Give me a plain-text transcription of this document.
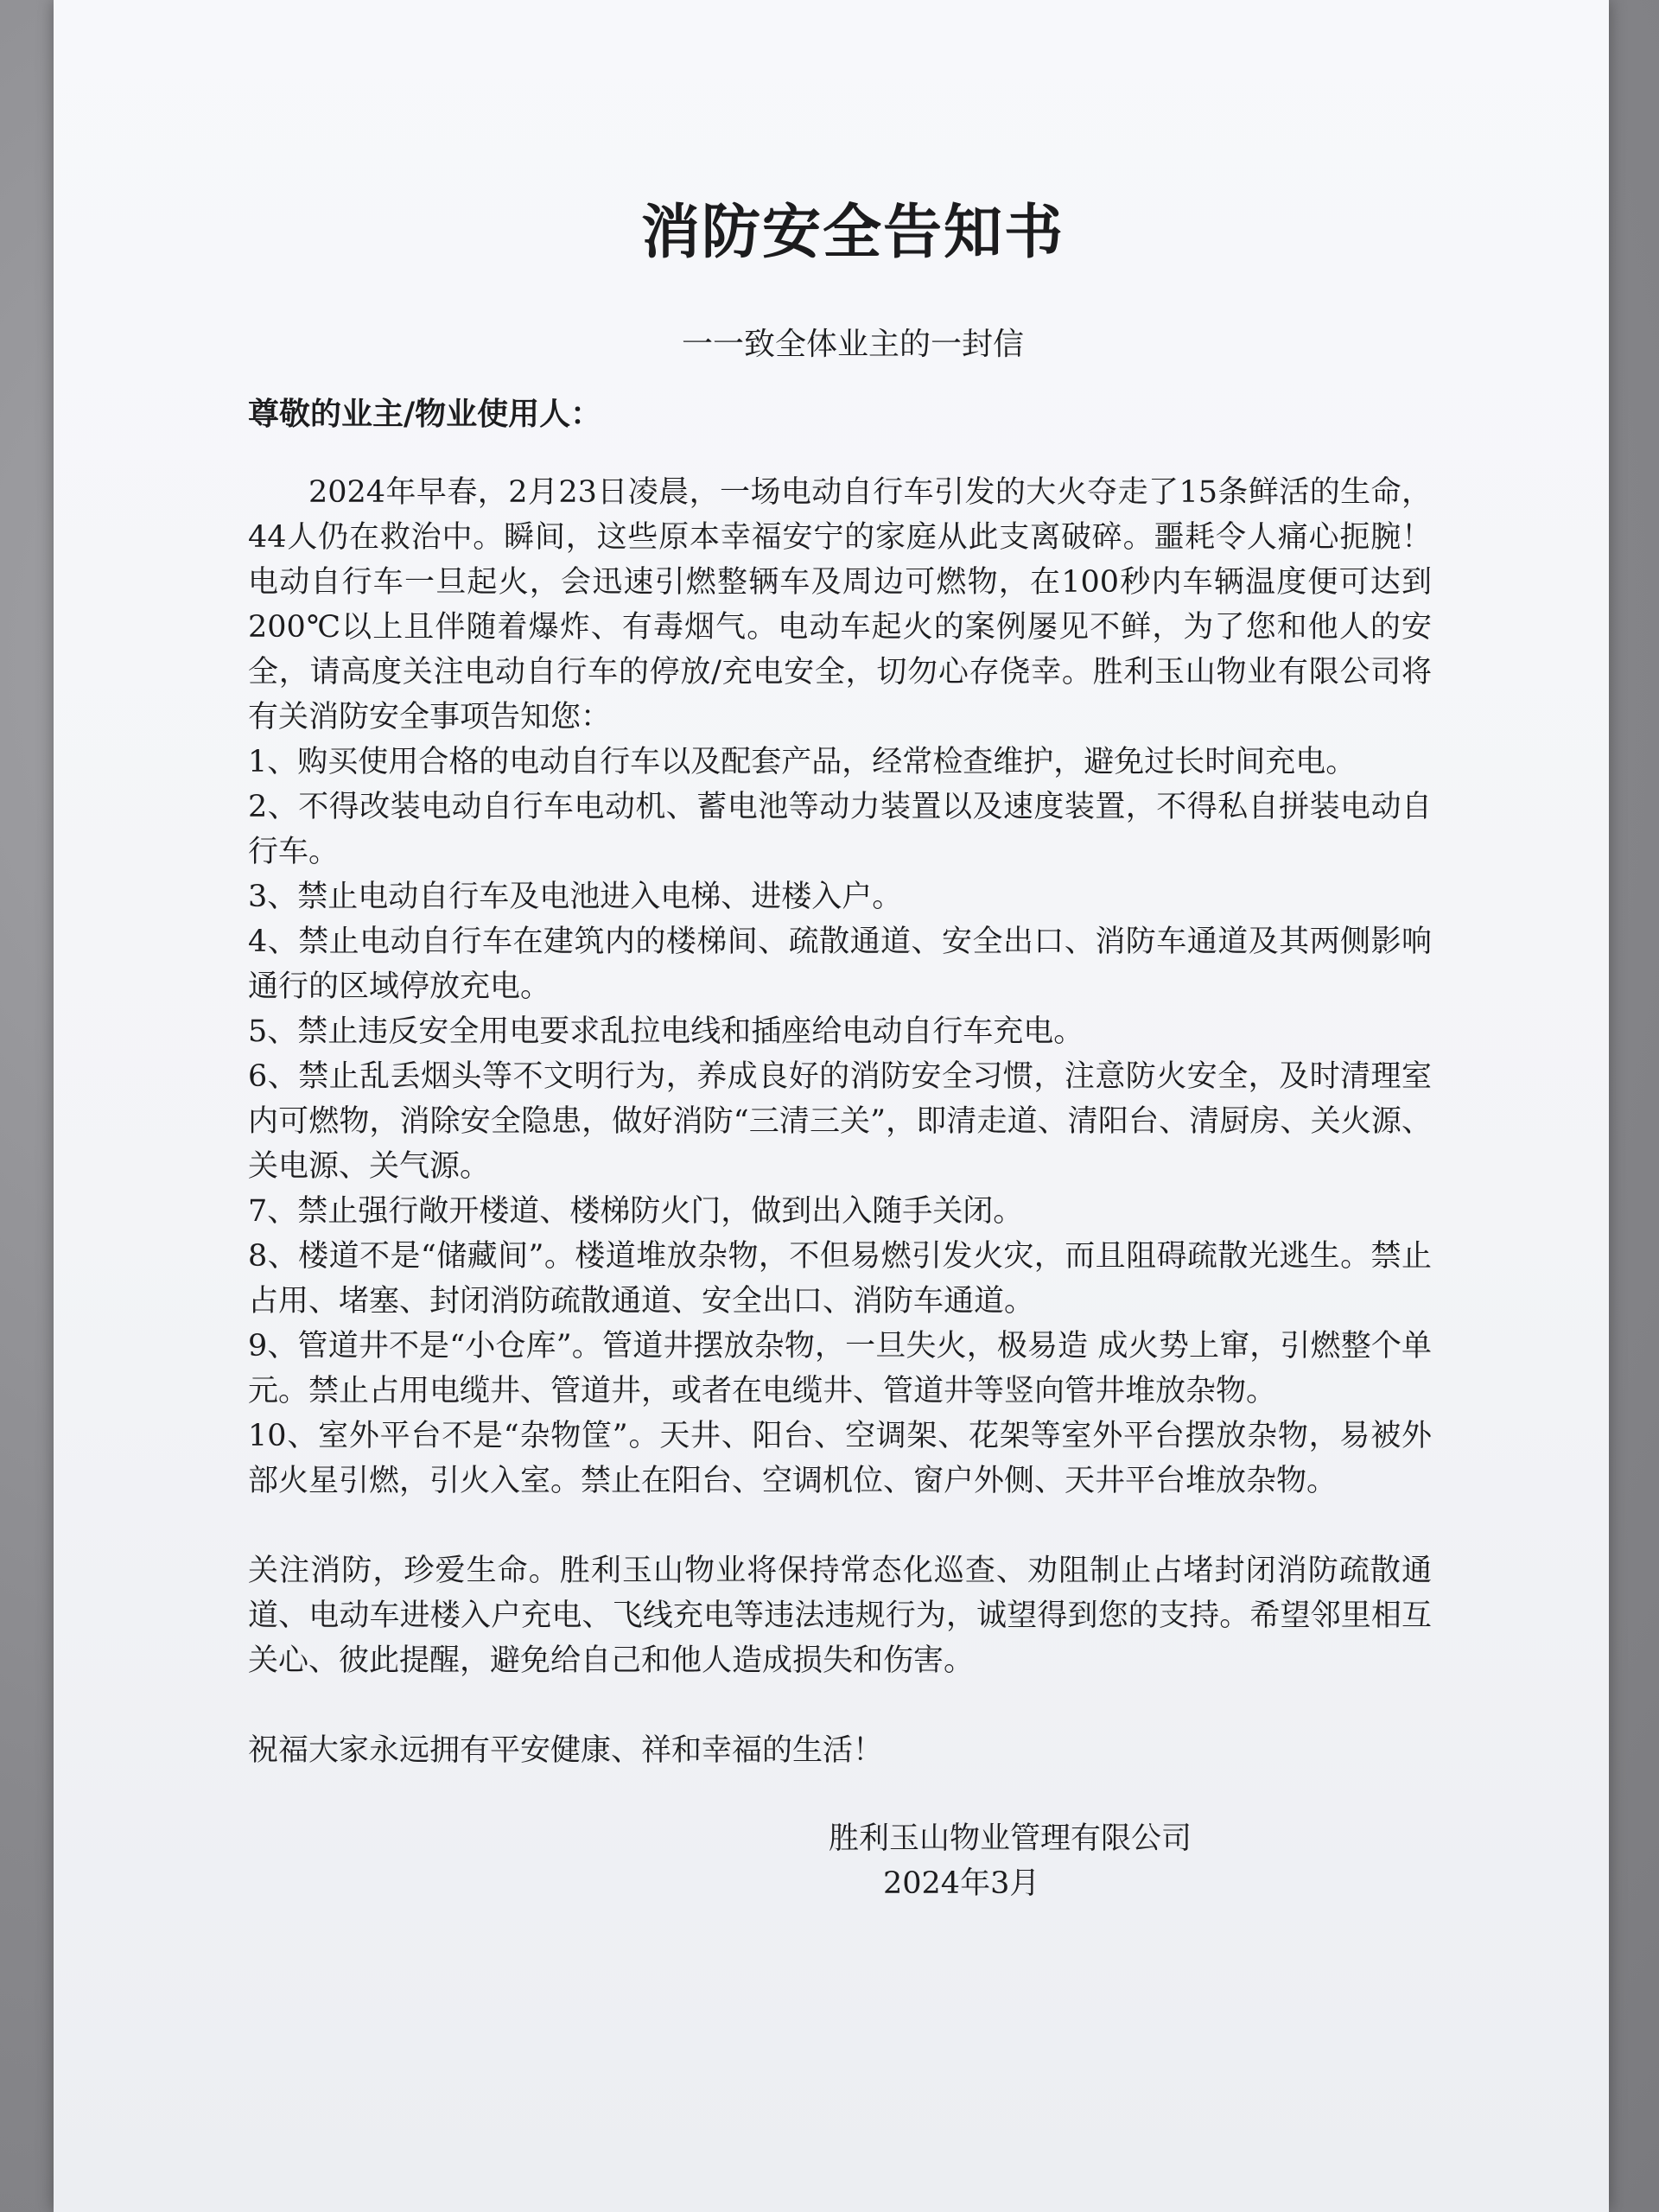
消防安全告知书

一一致全体业主的一封信

尊敬的业主/物业使用人：

2024年早春，2月23日凌晨，一场电动自行车引发的大火夺走了15条鲜活的生命，44人仍在救治中。瞬间，这些原本幸福安宁的家庭从此支离破碎。噩耗令人痛心扼腕！电动自行车一旦起火，会迅速引燃整辆车及周边可燃物，在100秒内车辆温度便可达到200℃以上且伴随着爆炸、有毒烟气。电动车起火的案例屡见不鲜，为了您和他人的安全，请高度关注电动自行车的停放/充电安全，切勿心存侥幸。胜利玉山物业有限公司将有关消防安全事项告知您：

1、购买使用合格的电动自行车以及配套产品，经常检查维护，避免过长时间充电。

2、不得改装电动自行车电动机、蓄电池等动力装置以及速度装置，不得私自拼装电动自行车。

3、禁止电动自行车及电池进入电梯、进楼入户。

4、禁止电动自行车在建筑内的楼梯间、疏散通道、安全出口、消防车通道及其两侧影响通行的区域停放充电。

5、禁止违反安全用电要求乱拉电线和插座给电动自行车充电。

6、禁止乱丢烟头等不文明行为，养成良好的消防安全习惯，注意防火安全，及时清理室内可燃物，消除安全隐患，做好消防“三清三关”，即清走道、清阳台、清厨房、关火源、关电源、关气源。

7、禁止强行敞开楼道、楼梯防火门，做到出入随手关闭。

8、楼道不是“储藏间”。楼道堆放杂物，不但易燃引发火灾，而且阻碍疏散光逃生。禁止占用、堵塞、封闭消防疏散通道、安全出口、消防车通道。

9、管道井不是“小仓库”。管道井摆放杂物，一旦失火，极易造 成火势上窜，引燃整个单元。禁止占用电缆井、管道井，或者在电缆井、管道井等竖向管井堆放杂物。

10、室外平台不是“杂物筐”。天井、阳台、空调架、花架等室外平台摆放杂物，易被外部火星引燃，引火入室。禁止在阳台、空调机位、窗户外侧、天井平台堆放杂物。

关注消防，珍爱生命。胜利玉山物业将保持常态化巡查、劝阻制止占堵封闭消防疏散通道、电动车进楼入户充电、飞线充电等违法违规行为，诚望得到您的支持。希望邻里相互关心、彼此提醒，避免给自己和他人造成损失和伤害。

祝福大家永远拥有平安健康、祥和幸福的生活！

胜利玉山物业管理有限公司

2024年3月
